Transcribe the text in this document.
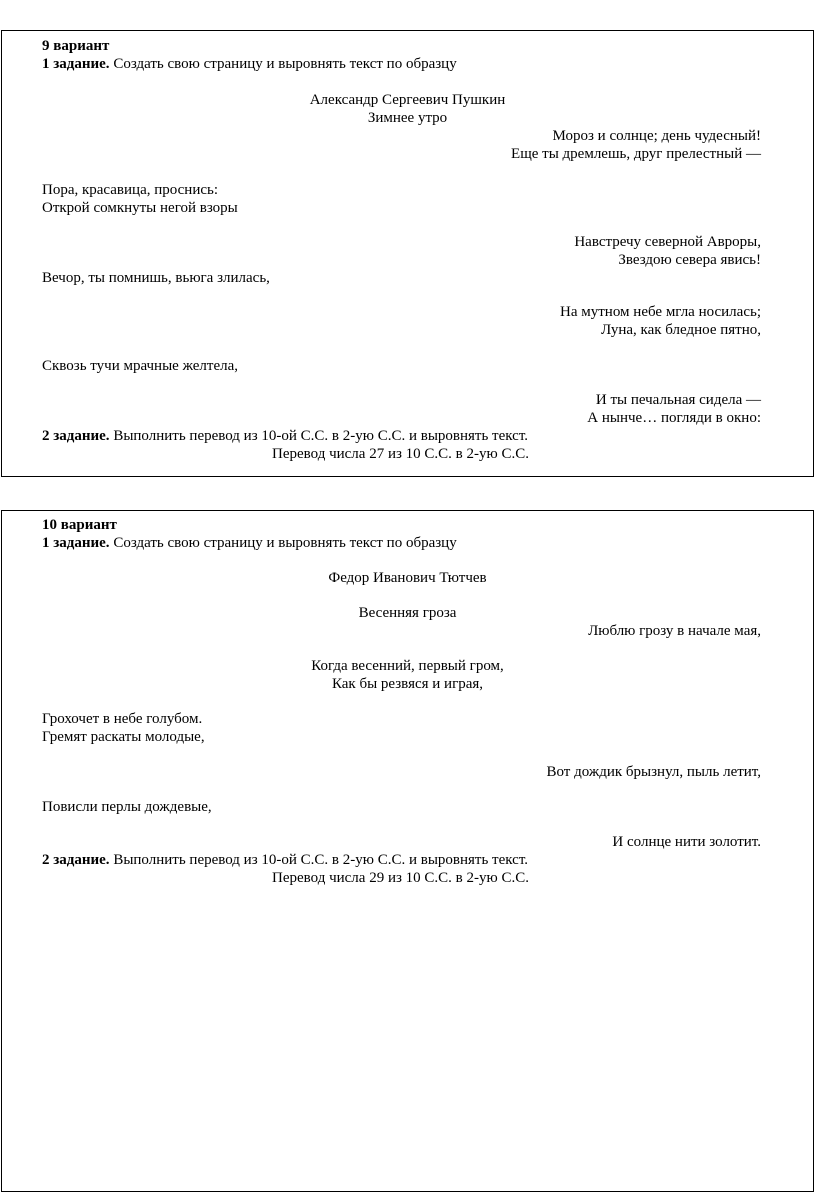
9 вариант
1 задание. Создать свою страницу и выровнять текст по образцу
Александр Сергеевич Пушкин
Зимнее утро
Мороз и солнце; день чудесный!
Еще ты дремлешь, друг прелестный —
Пора, красавица, проснись:
Открой сомкнуты негой взоры
Навстречу северной Авроры,
Звездою севера явись!
Вечор, ты помнишь, вьюга злилась,
На мутном небе мгла носилась;
Луна, как бледное пятно,
Сквозь тучи мрачные желтела,
И ты печальная сидела —
А нынче… погляди в окно:
2 задание. Выполнить перевод из 10-ой С.С. в 2-ую С.С. и выровнять текст.
Перевод числа 27 из 10 С.С. в 2-ую С.С.
10 вариант
1 задание. Создать свою страницу и выровнять текст по образцу
Федор Иванович Тютчев
Весенняя гроза
Люблю грозу в начале мая,
Когда весенний, первый гром,
Как бы резвяся и играя,
Грохочет в небе голубом.
Гремят раскаты молодые,
Вот дождик брызнул, пыль летит,
Повисли перлы дождевые,
И солнце нити золотит.
2 задание. Выполнить перевод из 10-ой С.С. в 2-ую С.С. и выровнять текст.
Перевод числа 29 из 10 С.С. в 2-ую С.С.
